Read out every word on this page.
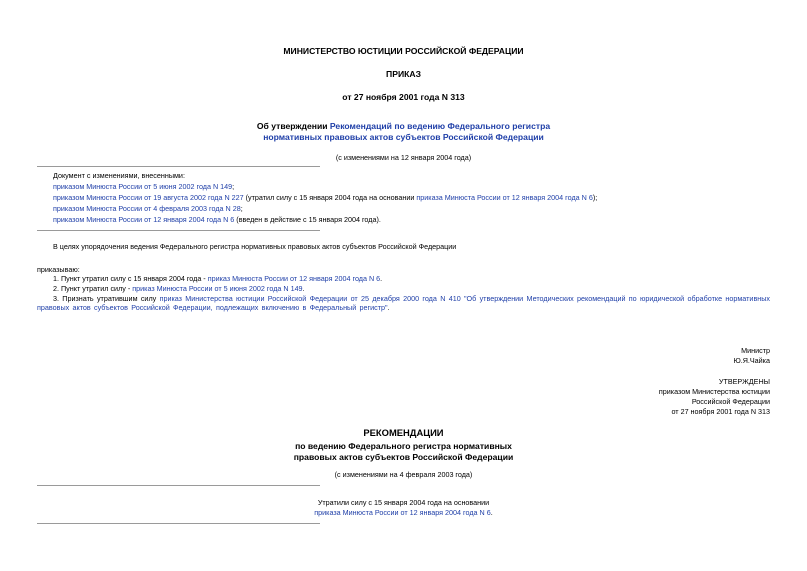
МИНИСТЕРСТВО ЮСТИЦИИ РОССИЙСКОЙ ФЕДЕРАЦИИ
ПРИКАЗ
от 27 ноября 2001 года N 313
Об утверждении Рекомендаций по ведению Федерального регистра
нормативных правовых актов субъектов Российской Федерации
(с изменениями на 12 января 2004 года)
Документ с изменениями, внесенными:
приказом Минюста России от 5 июня 2002 года N 149;
приказом Минюста России от 19 августа 2002 года N 227 (утратил силу с 15 января 2004 года на основании приказа Минюста России от 12 января 2004 года N 6);
приказом Минюста России от 4 февраля 2003 года N 28;
приказом Минюста России от 12 января 2004 года N 6 (введен в действие с 15 января 2004 года).
В целях упорядочения ведения Федерального регистра нормативных правовых актов субъектов Российской Федерации
приказываю:
1. Пункт утратил силу с 15 января 2004 года - приказ Минюста России от 12 января 2004 года N 6.
2. Пункт утратил силу - приказ Минюста России от 5 июня 2002 года N 149.
3. Признать утратившим силу приказ Министерства юстиции Российской Федерации от 25 декабря 2000 года N 410 "Об утверждении Методических рекомендаций по юридической обработке нормативных правовых актов субъектов Российской Федерации, подлежащих включению в Федеральный регистр".
Министр
Ю.Я.Чайка
УТВЕРЖДЕНЫ
приказом Министерства юстиции
Российской Федерации
от 27 ноября 2001 года N 313
РЕКОМЕНДАЦИИ
по ведению Федерального регистра нормативных
правовых актов субъектов Российской Федерации
(с изменениями на 4 февраля 2003 года)
Утратили силу с 15 января 2004 года на основании
приказа Минюста России от 12 января 2004 года N 6.
